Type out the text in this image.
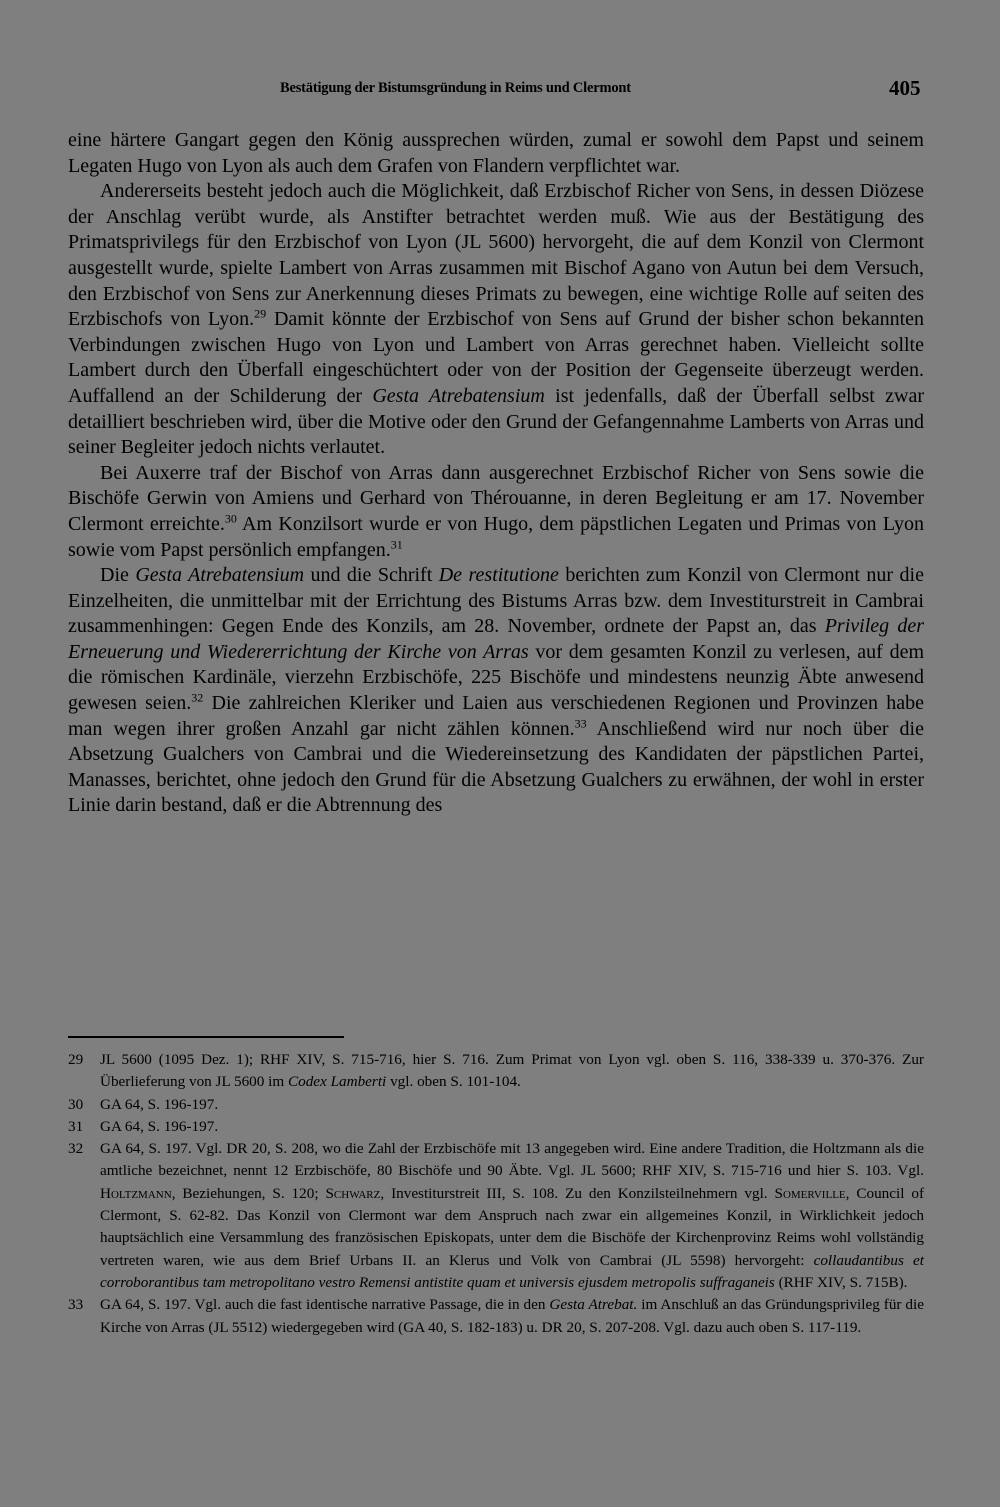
Bestätigung der Bistumsgründung in Reims und Clermont	405

eine härtere Gangart gegen den König aussprechen würden, zumal er sowohl dem Papst und seinem Legaten Hugo von Lyon als auch dem Grafen von Flandern verpflichtet war.

Andererseits besteht jedoch auch die Möglichkeit, daß Erzbischof Richer von Sens, in dessen Diözese der Anschlag verübt wurde, als Anstifter betrachtet werden muß. Wie aus der Bestätigung des Primatsprivilegs für den Erzbischof von Lyon (JL 5600) hervorgeht, die auf dem Konzil von Clermont ausgestellt wurde, spielte Lambert von Arras zusammen mit Bischof Agano von Autun bei dem Versuch, den Erzbischof von Sens zur Anerkennung dieses Primats zu bewegen, eine wichtige Rolle auf seiten des Erzbischofs von Lyon.$^{29}$ Damit könnte der Erzbischof von Sens auf Grund der bisher schon bekannten Verbindungen zwischen Hugo von Lyon und Lambert von Arras gerechnet haben. Vielleicht sollte Lambert durch den Überfall eingeschüchtert oder von der Position der Gegenseite überzeugt werden. Auffallend an der Schilderung der Gesta Atrebatensium ist jedenfalls, daß der Überfall selbst zwar detailliert beschrieben wird, über die Motive oder den Grund der Gefangennahme Lamberts von Arras und seiner Begleiter jedoch nichts verlautet.

Bei Auxerre traf der Bischof von Arras dann ausgerechnet Erzbischof Richer von Sens sowie die Bischöfe Gerwin von Amiens und Gerhard von Thérouanne, in deren Begleitung er am 17. November Clermont erreichte.$^{30}$ Am Konzilsort wurde er von Hugo, dem päpstlichen Legaten und Primas von Lyon sowie vom Papst persönlich empfangen.$^{31}$

Die Gesta Atrebatensium und die Schrift De restitutione berichten zum Konzil von Clermont nur die Einzelheiten, die unmittelbar mit der Errichtung des Bistums Arras bzw. dem Investiturstreit in Cambrai zusammenhingen: Gegen Ende des Konzils, am 28. November, ordnete der Papst an, das Privileg der Erneuerung und Wiedererrichtung der Kirche von Arras vor dem gesamten Konzil zu verlesen, auf dem die römischen Kardinäle, vierzehn Erzbischöfe, 225 Bischöfe und mindestens neunzig Äbte anwesend gewesen seien.$^{32}$ Die zahlreichen Kleriker und Laien aus verschiedenen Regionen und Provinzen habe man wegen ihrer großen Anzahl gar nicht zählen können.$^{33}$ Anschließend wird nur noch über die Absetzung Gualchers von Cambrai und die Wiedereinsetzung des Kandidaten der päpstlichen Partei, Manasses, berichtet, ohne jedoch den Grund für die Absetzung Gualchers zu erwähnen, der wohl in erster Linie darin bestand, daß er die Abtrennung des

29 JL 5600 (1095 Dez. 1); RHF XIV, S. 715-716, hier S. 716. Zum Primat von Lyon vgl. oben S. 116, 338-339 u. 370-376. Zur Überlieferung von JL 5600 im Codex Lamberti vgl. oben S. 101-104.

30 GA 64, S. 196-197.

31 GA 64, S. 196-197.

32 GA 64, S. 197. Vgl. DR 20, S. 208, wo die Zahl der Erzbischöfe mit 13 angegeben wird. Eine andere Tradition, die Holtzmann als die amtliche bezeichnet, nennt 12 Erzbischöfe, 80 Bischöfe und 90 Äbte. Vgl. JL 5600; RHF XIV, S. 715-716 und hier S. 103. Vgl. Holtzmann, Beziehungen, S. 120; Schwarz, Investiturstreit III, S. 108. Zu den Konzilsteilnehmern vgl. Somerville, Council of Clermont, S. 62-82. Das Konzil von Clermont war dem Anspruch nach zwar ein allgemeines Konzil, in Wirklichkeit jedoch hauptsächlich eine Versammlung des französischen Episkopats, unter dem die Bischöfe der Kirchenprovinz Reims wohl vollständig vertreten waren, wie aus dem Brief Urbans II. an Klerus und Volk von Cambrai (JL 5598) hervorgeht: collaudantibus et corroborantibus tam metropolitano vestro Remensi antistite quam et universis ejusdem metropolis suffraganeis (RHF XIV, S. 715B).

33 GA 64, S. 197. Vgl. auch die fast identische narrative Passage, die in den Gesta Atrebat. im Anschluß an das Gründungsprivileg für die Kirche von Arras (JL 5512) wiedergegeben wird (GA 40, S. 182-183) u. DR 20, S. 207-208. Vgl. dazu auch oben S. 117-119.
